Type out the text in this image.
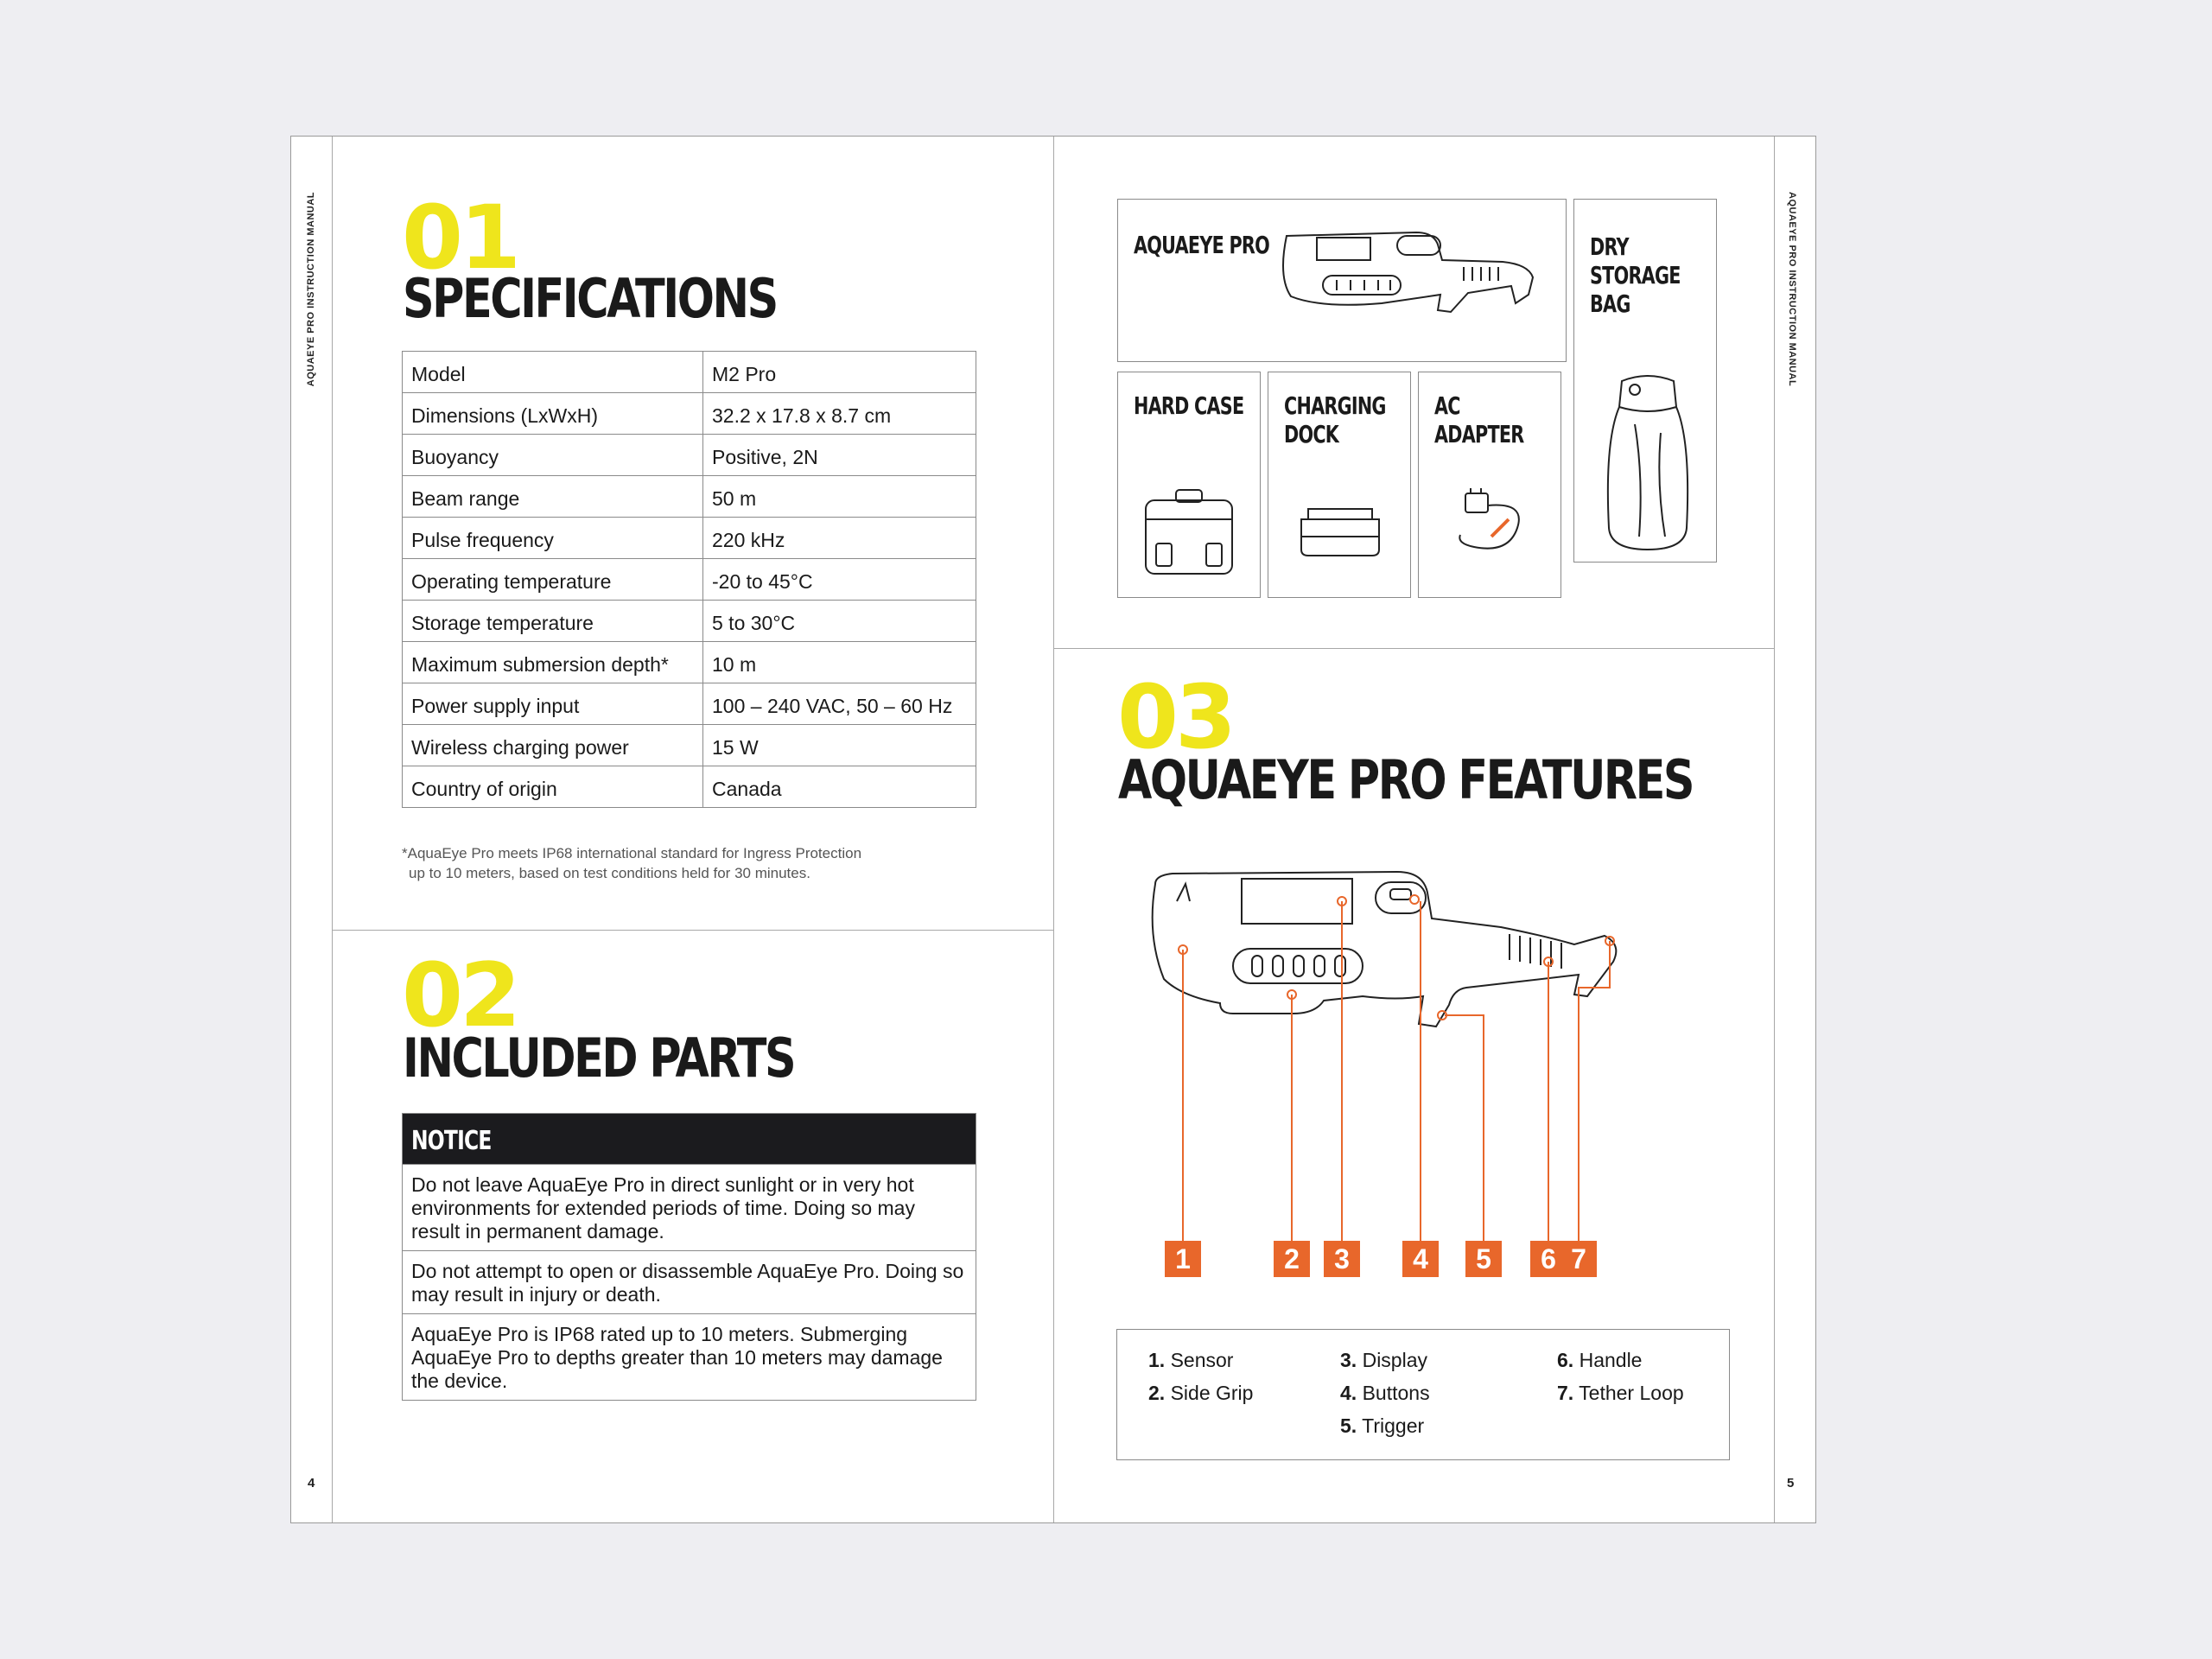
AQUAEYE PRO INSTRUCTION MANUAL	AQUAEYE PRO INSTRUCTION MANUAL
4	5
01
SPECIFICATIONS
Model	M2 Pro
Dimensions (LxWxH)	32.2 x 17.8 x 8.7 cm
Buoyancy	Positive, 2N
Beam range	50 m
Pulse frequency	220 kHz
Operating temperature	-20 to 45°C
Storage temperature	5 to 30°C
Maximum submersion depth*	10 m
Power supply input	100 – 240 VAC, 50 – 60 Hz
Wireless charging power	15 W
Country of origin	Canada
*AquaEye Pro meets IP68 international standard for Ingress Protection
up to 10 meters, based on test conditions held for 30 minutes.
02
INCLUDED PARTS
NOTICE
Do not leave AquaEye Pro in direct sunlight or in very hot environments for extended periods of time. Doing so may result in permanent damage.
Do not attempt to open or disassemble AquaEye Pro. Doing so may result in injury or death.
AquaEye Pro is IP68 rated up to 10 meters. Submerging AquaEye Pro to depths greater than 10 meters may damage the device.
AQUAEYE PRO	DRY
STORAGE
BAG
HARD CASE CHARGING
DOCK
AC
ADAPTER
03
AQUAEYE PRO FEATURES
1	2	3	4	5	6 7
1. Sensor
2. Side Grip
3. Display
4. Buttons
5. Trigger
6. Handle
7. Tether Loop
